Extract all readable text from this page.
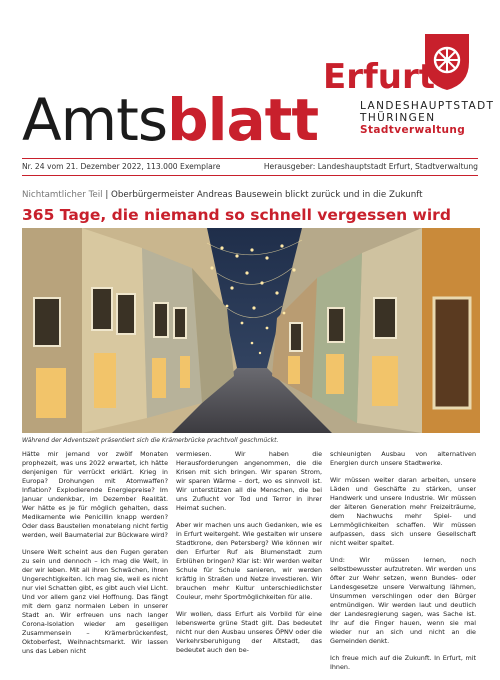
Amtsblatt
Erfurt
LANDESHAUPTSTADT
THÜRINGEN
Stadtverwaltung
Nr. 24 vom 21. Dezember 2022, 113.000 Exemplare	Herausgeber: Landeshauptstadt Erfurt, Stadtverwaltung
Nichtamtlicher Teil | Oberbürgermeister Andreas Bausewein blickt zurück und in die Zukunft
365 Tage, die niemand so schnell vergessen wird
Während der Adventszeit präsentiert sich die Krämerbrücke prachtvoll geschmückt.

Hätte mir jemand vor zwölf Monaten prophezeit, was uns 2022 erwartet, ich hätte denjenigen für verrückt erklärt. Krieg in Europa? Drohungen mit Atomwaffen? Inflation? Explodierende Energiepreise? Im Januar undenkbar, im Dezember Realität. Wer hätte es je für möglich gehalten, dass Medikamente wie Penicillin knapp werden? Oder dass Baustellen monatelang nicht fertig werden, weil Baumaterial zur Bückware wird?

Unsere Welt scheint aus den Fugen geraten zu sein und dennoch – ich mag die Welt, in der wir leben. Mit all ihren Schwächen, ihren Ungerechtigkeiten. Ich mag sie, weil es nicht nur viel Schatten gibt, es gibt auch viel Licht. Und vor allem ganz viel Hoffnung. Das fängt mit dem ganz normalen Leben in unserer Stadt an. Wir erfreuen uns nach langer Corona-Isolation wieder am geselligen Zusammensein – Krämerbrückenfest, Oktoberfest, Weihnachtsmarkt. Wir lassen uns das Leben nicht

vermiesen. Wir haben die Herausforderungen angenommen, die die Krisen mit sich bringen. Wir sparen Strom, wir sparen Wärme – dort, wo es sinnvoll ist. Wir unterstützen all die Menschen, die bei uns Zuflucht vor Tod und Terror in ihrer Heimat suchen.

Aber wir machen uns auch Gedanken, wie es in Erfurt weitergeht. Wie gestalten wir unsere Stadtkrone, den Petersberg? Wie können wir den Erfurter Ruf als Blumenstadt zum Erblühen bringen? Klar ist: Wir werden weiter Schule für Schule sanieren, wir werden kräftig in Straßen und Netze investieren. Wir brauchen mehr Kultur unterschiedlichster Couleur, mehr Sportmöglichkeiten für alle.

Wir wollen, dass Erfurt als Vorbild für eine lebenswerte grüne Stadt gilt. Das bedeutet nicht nur den Ausbau unseres ÖPNV oder die Verkehrsberuhigung der Altstadt, das bedeutet auch den be-

schleunigten Ausbau von alternativen Energien durch unsere Stadtwerke.

Wir müssen weiter daran arbeiten, unsere Läden und Geschäfte zu stärken, unser Handwerk und unsere Industrie. Wir müssen der älteren Generation mehr Freizeiträume, dem Nachwuchs mehr Spiel- und Lernmöglichkeiten schaffen. Wir müssen aufpassen, dass sich unsere Gesellschaft nicht weiter spaltet.

Und: Wir müssen lernen, noch selbstbewusster aufzutreten. Wir werden uns öfter zur Wehr setzen, wenn Bundes- oder Landesgesetze unsere Verwaltung lähmen, Unsummen verschlingen oder den Bürger entmündigen. Wir werden laut und deutlich der Landesregierung sagen, was Sache ist. Ihr auf die Finger hauen, wenn sie mal wieder nur an sich und nicht an die Gemeinden denkt.

Ich freue mich auf die Zukunft. In Erfurt, mit Ihnen.
